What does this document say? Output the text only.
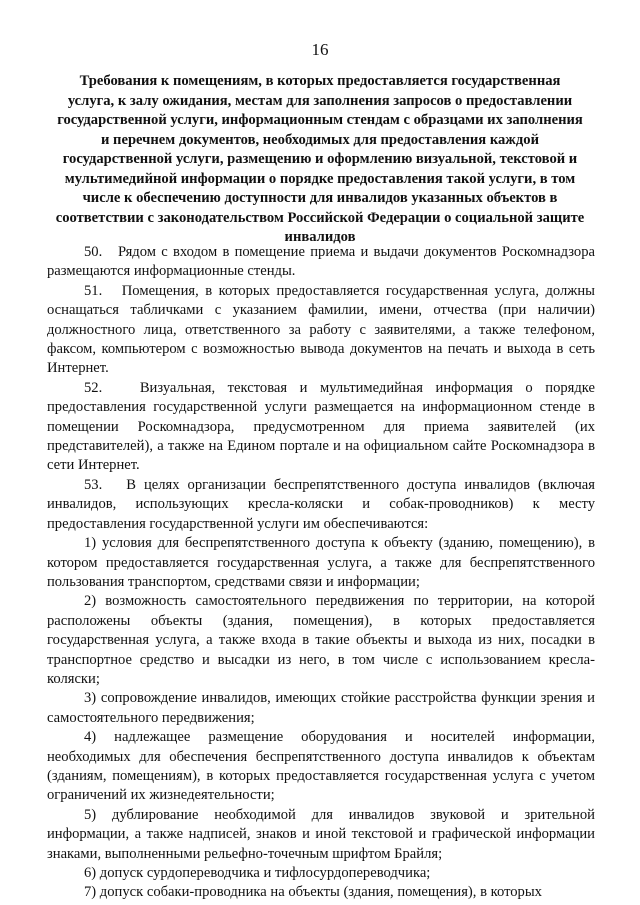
16
Требования к помещениям, в которых предоставляется государственная
услуга, к залу ожидания, местам для заполнения запросов о предоставлении
государственной услуги, информационным стендам с образцами их заполнения
и перечнем документов, необходимых для предоставления каждой
государственной услуги, размещению и оформлению визуальной, текстовой и
мультимедийной информации о порядке предоставления такой услуги, в том
числе к обеспечению доступности для инвалидов указанных объектов в
соответствии с законодательством Российской Федерации о социальной защите
инвалидов

50.   Рядом с входом в помещение приема и выдачи документов Роскомнадзора размещаются информационные стенды.

51.   Помещения, в которых предоставляется государственная услуга, должны оснащаться табличками с указанием фамилии, имени, отчества (при наличии) должностного лица, ответственного за работу с заявителями, а также телефоном, факсом, компьютером с возможностью вывода документов на печать и выхода в сеть Интернет.

52.   Визуальная, текстовая и мультимедийная информация о порядке предоставления государственной услуги размещается на информационном стенде в помещении Роскомнадзора, предусмотренном для приема заявителей (их представителей), а также на Едином портале и на официальном сайте Роскомнадзора в сети Интернет.

53.   В целях организации беспрепятственного доступа инвалидов (включая инвалидов, использующих кресла-коляски и собак-проводников) к месту предоставления государственной услуги им обеспечиваются:

1) условия для беспрепятственного доступа к объекту (зданию, помещению), в котором предоставляется государственная услуга, а также для беспрепятственного пользования транспортом, средствами связи и информации;

2) возможность самостоятельного передвижения по территории, на которой расположены объекты (здания, помещения), в которых предоставляется государственная услуга, а также входа в такие объекты и выхода из них, посадки в транспортное средство и высадки из него, в том числе с использованием кресла-коляски;

3) сопровождение инвалидов, имеющих стойкие расстройства функции зрения и самостоятельного передвижения;

4) надлежащее размещение оборудования и носителей информации, необходимых для обеспечения беспрепятственного доступа инвалидов к объектам (зданиям, помещениям), в которых предоставляется государственная услуга с учетом ограничений их жизнедеятельности;

5) дублирование необходимой для инвалидов звуковой и зрительной информации, а также надписей, знаков и иной текстовой и графической информации знаками, выполненными рельефно-точечным шрифтом Брайля;

6) допуск сурдопереводчика и тифлосурдопереводчика;

7) допуск собаки-проводника на объекты (здания, помещения), в которых
